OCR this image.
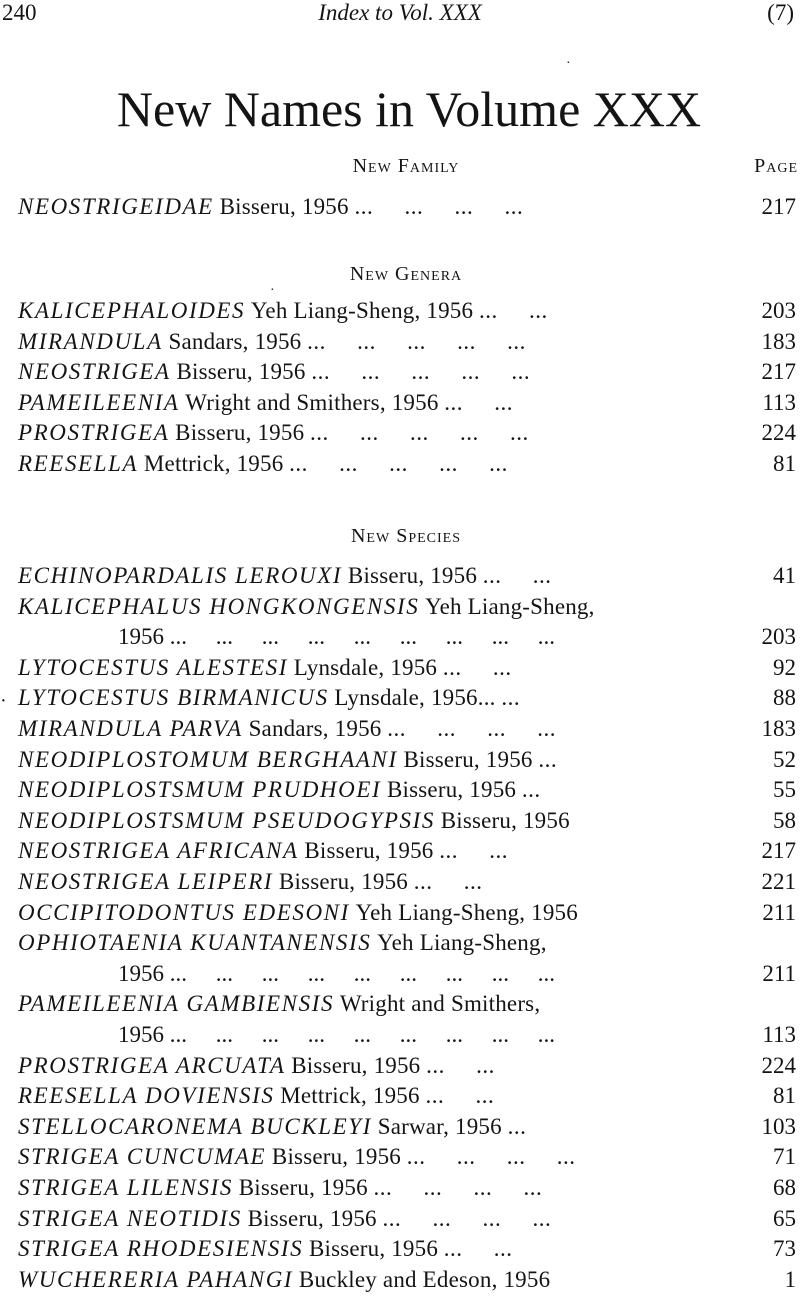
240	Index to Vol. XXX	(7)
·
·
·
New Names in Volume XXX
New Family	Page
New Genera
New Species
NEOSTRIGEIDAE Bisseru, 1956 ...     ...     ...     ...	217
KALICEPHALOIDES Yeh Liang-Sheng, 1956 ...     ...	203
MIRANDULA Sandars, 1956 ...     ...     ...     ...     ...	183
NEOSTRIGEA Bisseru, 1956 ...     ...     ...     ...     ...	217
PAMEILEENIA Wright and Smithers, 1956 ...     ...	113
PROSTRIGEA Bisseru, 1956 ...     ...     ...     ...     ...	224
REESELLA Mettrick, 1956 ...     ...     ...     ...     ...	81
ECHINOPARDALIS LEROUXI Bisseru, 1956 ...     ...	41
KALICEPHALUS HONGKONGENSIS Yeh Liang-Sheng,
1956 ...     ...     ...     ...     ...     ...     ...     ...     ...	203
LYTOCESTUS ALESTESI Lynsdale, 1956 ...     ...	92
LYTOCESTUS BIRMANICUS Lynsdale, 1956... ...	88
MIRANDULA PARVA Sandars, 1956 ...     ...     ...     ...	183
NEODIPLOSTOMUM BERGHAANI Bisseru, 1956 ...	52
NEODIPLOSTSMUM PRUDHOEI Bisseru, 1956 ...	55
NEODIPLOSTSMUM PSEUDOGYPSIS Bisseru, 1956	58
NEOSTRIGEA AFRICANA Bisseru, 1956 ...     ...	217
NEOSTRIGEA LEIPERI Bisseru, 1956 ...     ...	221
OCCIPITODONTUS EDESONI Yeh Liang-Sheng, 1956	211
OPHIOTAENIA KUANTANENSIS Yeh Liang-Sheng,
1956 ...     ...     ...     ...     ...     ...     ...     ...     ...	211
PAMEILEENIA GAMBIENSIS Wright and Smithers,
1956 ...     ...     ...     ...     ...     ...     ...     ...     ...	113
PROSTRIGEA ARCUATA Bisseru, 1956 ...     ...	224
REESELLA DOVIENSIS Mettrick, 1956 ...     ...	81
STELLOCARONEMA BUCKLEYI Sarwar, 1956 ...	103
STRIGEA CUNCUMAE Bisseru, 1956 ...     ...     ...     ...	71
STRIGEA LILENSIS Bisseru, 1956 ...     ...     ...     ...	68
STRIGEA NEOTIDIS Bisseru, 1956 ...     ...     ...     ...	65
STRIGEA RHODESIENSIS Bisseru, 1956 ...     ...	73
WUCHERERIA PAHANGI Buckley and Edeson, 1956	1
